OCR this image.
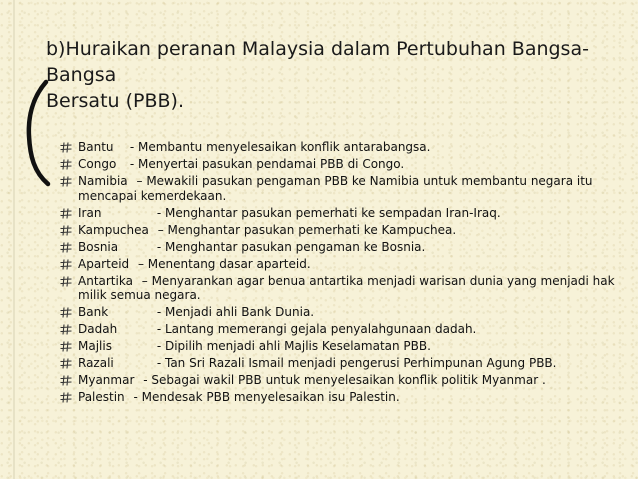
b)Huraikan peranan Malaysia dalam Pertubuhan Bangsa-Bangsa
Bersatu (PBB).
Bantu - Membantu menyelesaikan konflik antarabangsa.
Congo - Menyertai pasukan pendamai PBB di Congo.
Namibia – Mewakili pasukan pengaman PBB ke Namibia untuk membantu negara itu mencapai kemerdekaan.
Iran	- Menghantar pasukan pemerhati ke sempadan Iran-Iraq.
Kampuchea – Menghantar pasukan pemerhati ke Kampuchea.
Bosnia	- Menghantar pasukan pengaman ke Bosnia.
Aparteid – Menentang dasar aparteid.
Antartika – Menyarankan agar benua antartika menjadi warisan dunia yang menjadi hak milik semua negara.
Bank	- Menjadi ahli Bank Dunia.
Dadah	- Lantang memerangi gejala penyalahgunaan dadah.
Majlis	- Dipilih menjadi ahli Majlis Keselamatan PBB.
Razali	- Tan Sri Razali Ismail menjadi pengerusi Perhimpunan Agung PBB.
Myanmar - Sebagai wakil PBB untuk menyelesaikan konflik politik Myanmar .
Palestin - Mendesak PBB menyelesaikan isu Palestin.
